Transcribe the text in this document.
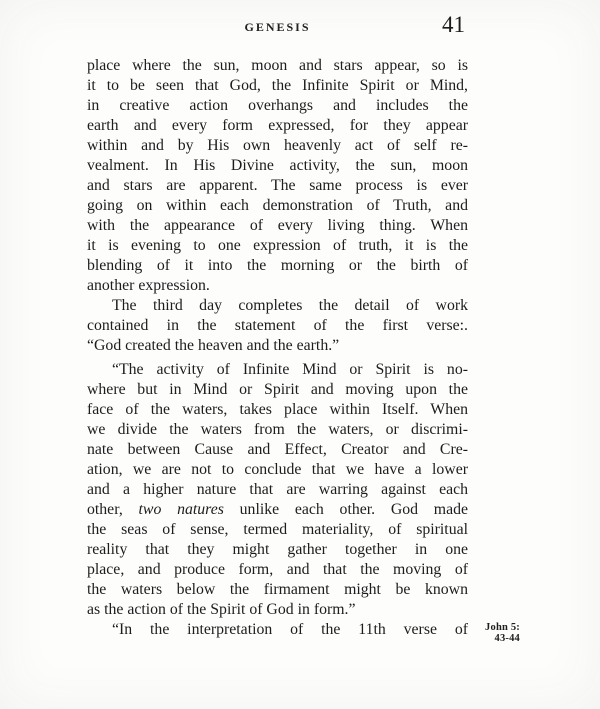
GENESIS	41
place where the sun, moon and stars appear, so is
it to be seen that God, the Infinite Spirit or Mind,
in creative action overhangs and includes the
earth and every form expressed, for they appear
within and by His own heavenly act of self re-
vealment. In His Divine activity, the sun, moon
and stars are apparent. The same process is ever
going on within each demonstration of Truth, and
with the appearance of every living thing. When
it is evening to one expression of truth, it is the
blending of it into the morning or the birth of
another expression.
The third day completes the detail of work
contained in the statement of the first verse:.
“God created the heaven and the earth.”
“The activity of Infinite Mind or Spirit is no-
where but in Mind or Spirit and moving upon the
face of the waters, takes place within Itself. When
we divide the waters from the waters, or discrimi-
nate between Cause and Effect, Creator and Cre-
ation, we are not to conclude that we have a lower
and a higher nature that are warring against each
other, two natures unlike each other. God made
the seas of sense, termed materiality, of spiritual
reality that they might gather together in one
place, and produce form, and that the moving of
the waters below the firmament might be known
as the action of the Spirit of God in form.”
“In the interpretation of the 11th verse of	John 5:
43-44
